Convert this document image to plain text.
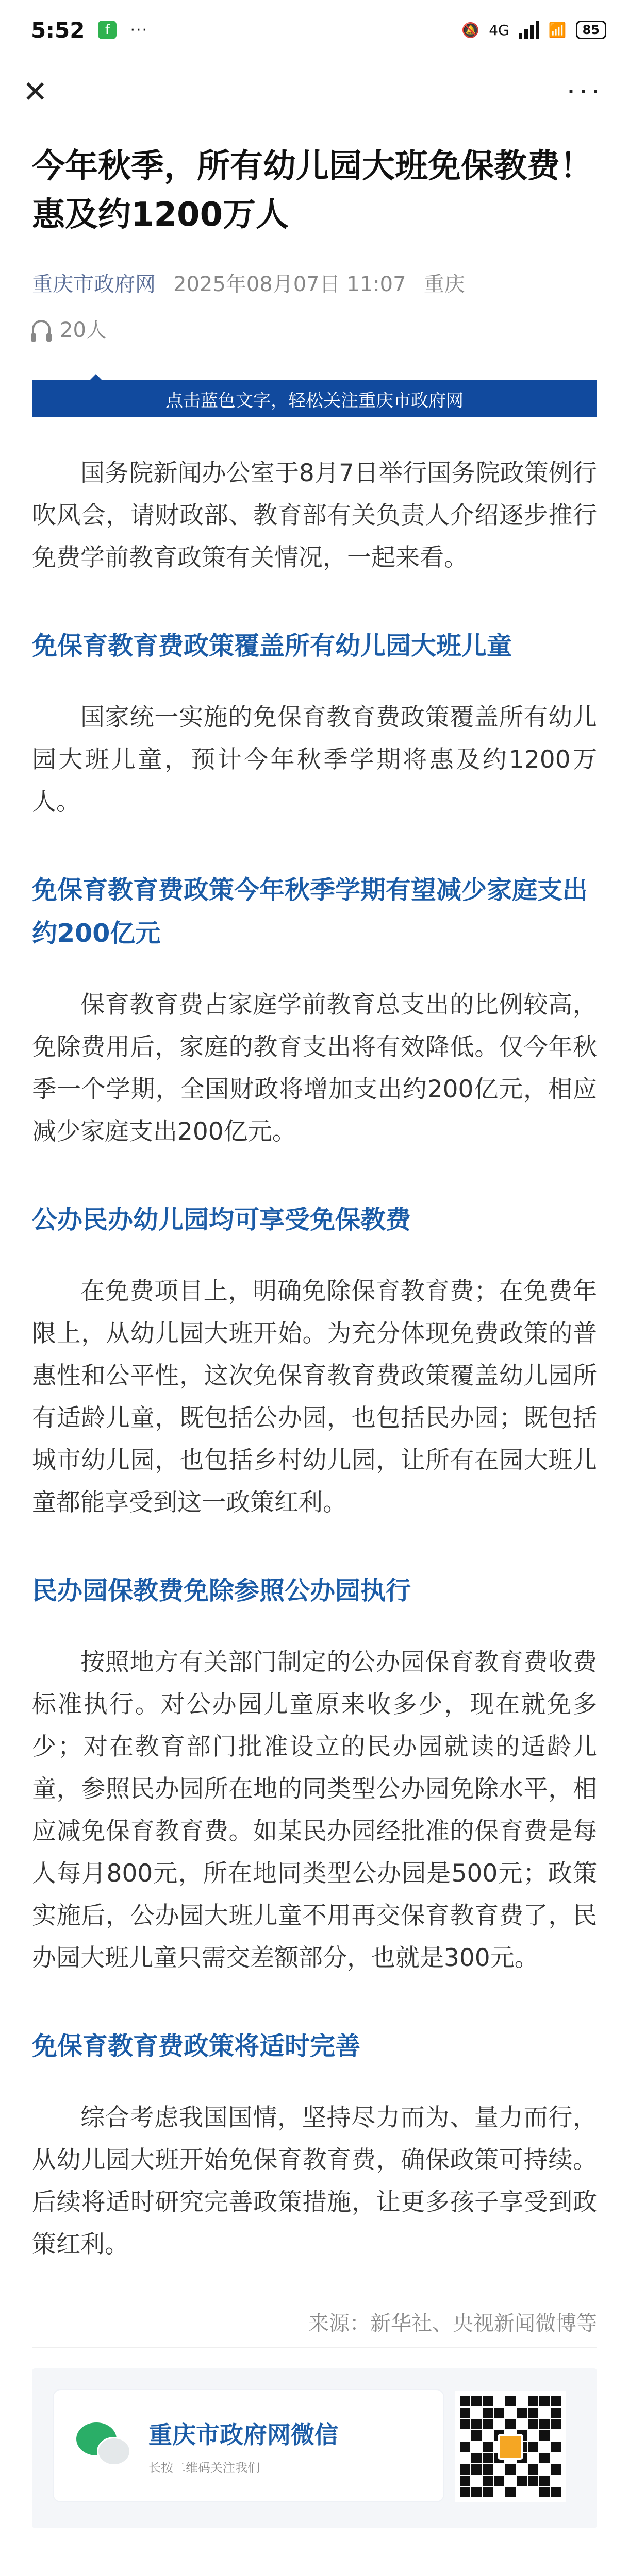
5:52	f	···	🔕 4G	📶	85
✕	···
今年秋季，所有幼儿园大班免保教费！惠及约1200万人
重庆市政府网 2025年08月07日 11:07 重庆
20人
点击蓝色文字，轻松关注重庆市政府网

国务院新闻办公室于8月7日举行国务院政策例行吹风会，请财政部、教育部有关负责人介绍逐步推行免费学前教育政策有关情况，一起来看。

免保育教育费政策覆盖所有幼儿园大班儿童

国家统一实施的免保育教育费政策覆盖所有幼儿园大班儿童，预计今年秋季学期将惠及约1200万人。

免保育教育费政策今年秋季学期有望减少家庭支出约200亿元

保育教育费占家庭学前教育总支出的比例较高，免除费用后，家庭的教育支出将有效降低。仅今年秋季一个学期，全国财政将增加支出约200亿元，相应减少家庭支出200亿元。

公办民办幼儿园均可享受免保教费

在免费项目上，明确免除保育教育费；在免费年限上，从幼儿园大班开始。为充分体现免费政策的普惠性和公平性，这次免保育教育费政策覆盖幼儿园所有适龄儿童，既包括公办园，也包括民办园；既包括城市幼儿园，也包括乡村幼儿园，让所有在园大班儿童都能享受到这一政策红利。

民办园保教费免除参照公办园执行

按照地方有关部门制定的公办园保育教育费收费标准执行。对公办园儿童原来收多少，现在就免多少；对在教育部门批准设立的民办园就读的适龄儿童，参照民办园所在地的同类型公办园免除水平，相应减免保育教育费。如某民办园经批准的保育费是每人每月800元，所在地同类型公办园是500元；政策实施后，公办园大班儿童不用再交保育教育费了，民办园大班儿童只需交差额部分，也就是300元。

免保育教育费政策将适时完善

综合考虑我国国情，坚持尽力而为、量力而行，从幼儿园大班开始免保育教育费，确保政策可持续。后续将适时研究完善政策措施，让更多孩子享受到政策红利。

来源：新华社、央视新闻微博等
重庆市政府网微信
长按二维码关注我们
